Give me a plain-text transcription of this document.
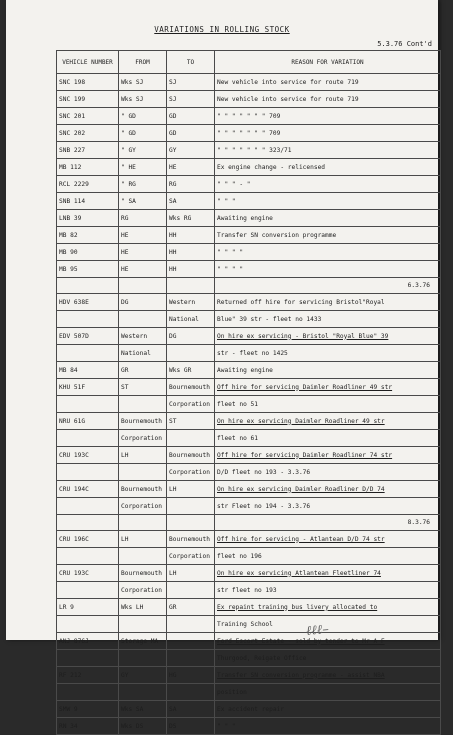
VARIATIONS IN ROLLING STOCK
5.3.76 Cont'd
VEHICLE NUMBER	FROM	TO	REASON FOR VARIATION
SNC 198	Wks SJ	SJ	New vehicle into service for route 719
SNC 199	Wks SJ	SJ	New vehicle into service for route 719
SNC 201	" GD	GD	" " " " " " " 709
SNC 202	" GD	GD	" " " " " " " 709
SNB 227	" GY	GY	" " " " " " " 323/71
MB 112	" HE	HE	Ex engine change - relicensed
RCL 2229	" RG	RG	" " " - "
SNB 114	" SA	SA	" " "
LNB 39	RG	Wks RG	Awaiting engine
MB 82	HE	HH	Transfer SN conversion programme
MB 90	HE	HH	" " " "
MB 95	HE	HH	" " " "
			6.3.76
HDV 638E	DG	Western	Returned off hire for servicing Bristol"Royal
		National	Blue" 39 str - fleet no 1433
EDV 507D	Western	DG	On hire ex servicing - Bristol "Royal Blue" 39
	National		str - fleet no 1425
MB 84	GR	Wks GR	Awaiting engine
KHU 51F	ST	Bournemouth	Off hire for servicing Daimler Roadliner 49 str
		Corporation	fleet no 51
NRU 61G	Bournemouth	ST	On hire ex servicing Daimler Roadliner 49 str
	Corporation		fleet no 61
CRU 193C	LH	Bournemouth	Off hire for servicing Daimler Roadliner 74 str
		Corporation	D/D fleet no 193 - 3.3.76
CRU 194C	Bournemouth	LH	On hire ex servicing Daimler Roadliner D/D 74
	Corporation		str Fleet no 194 - 3.3.76
			8.3.76
CRU 196C	LH	Bournemouth	Off hire for servicing - Atlantean D/D 74 str
		Corporation	fleet no 196
CRU 193C	Bournemouth	LH	On hire ex servicing Atlantean Fleetliner 74
	Corporation		str fleet no 193
LR 9	Wks LH	GR	Ex repaint training bus livery allocated to
			Training School
ANJ 876J	Storage MA		Ford Escort Estate - sold by tender to Mr A F
			Thurgood, Reigate Office
RF 212	GY	HG	Transfer SN conversion programme - assist NBA
			position
SMW 9	Wks SA	SA	Ex accident repair
RN 34	Wks DS	DS	" " "
ℓℓℓ–
